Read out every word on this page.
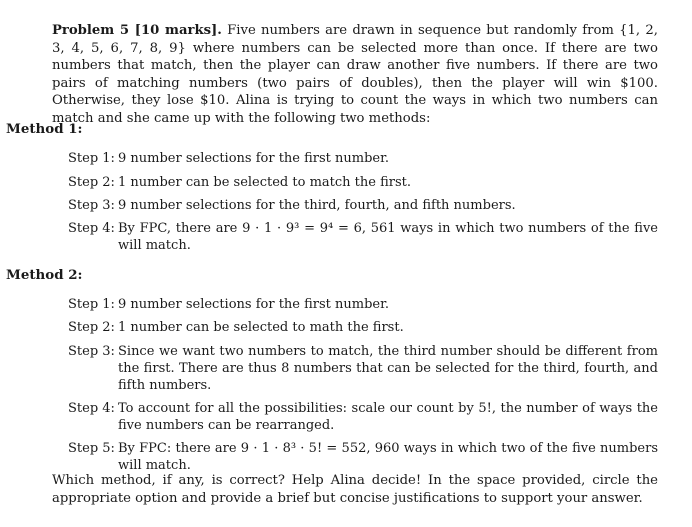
Problem 5 [10 marks]. Five numbers are drawn in sequence but randomly from {1, 2, 3, 4, 5, 6, 7, 8, 9} where numbers can be selected more than once. If there are two numbers that match, then the player can draw another five numbers. If there are two pairs of matching numbers (two pairs of doubles), then the player will win $100. Otherwise, they lose $10. Alina is trying to count the ways in which two numbers can match and she came up with the following two methods:
Method 1:
Step 1: 9 number selections for the first number.
Step 2: 1 number can be selected to match the first.
Step 3: 9 number selections for the third, fourth, and fifth numbers.
Step 4: By FPC, there are 9 · 1 · 9³ = 9⁴ = 6, 561 ways in which two numbers of the five will match.
Method 2:
Step 1: 9 number selections for the first number.
Step 2: 1 number can be selected to math the first.
Step 3: Since we want two numbers to match, the third number should be different from the first. There are thus 8 numbers that can be selected for the third, fourth, and fifth numbers.
Step 4: To account for all the possibilities: scale our count by 5!, the number of ways the five numbers can be rearranged.
Step 5: By FPC: there are 9 · 1 · 8³ · 5! = 552, 960 ways in which two of the five numbers will match.
Which method, if any, is correct? Help Alina decide! In the space provided, circle the appropriate option and provide a brief but concise justifications to support your answer.
